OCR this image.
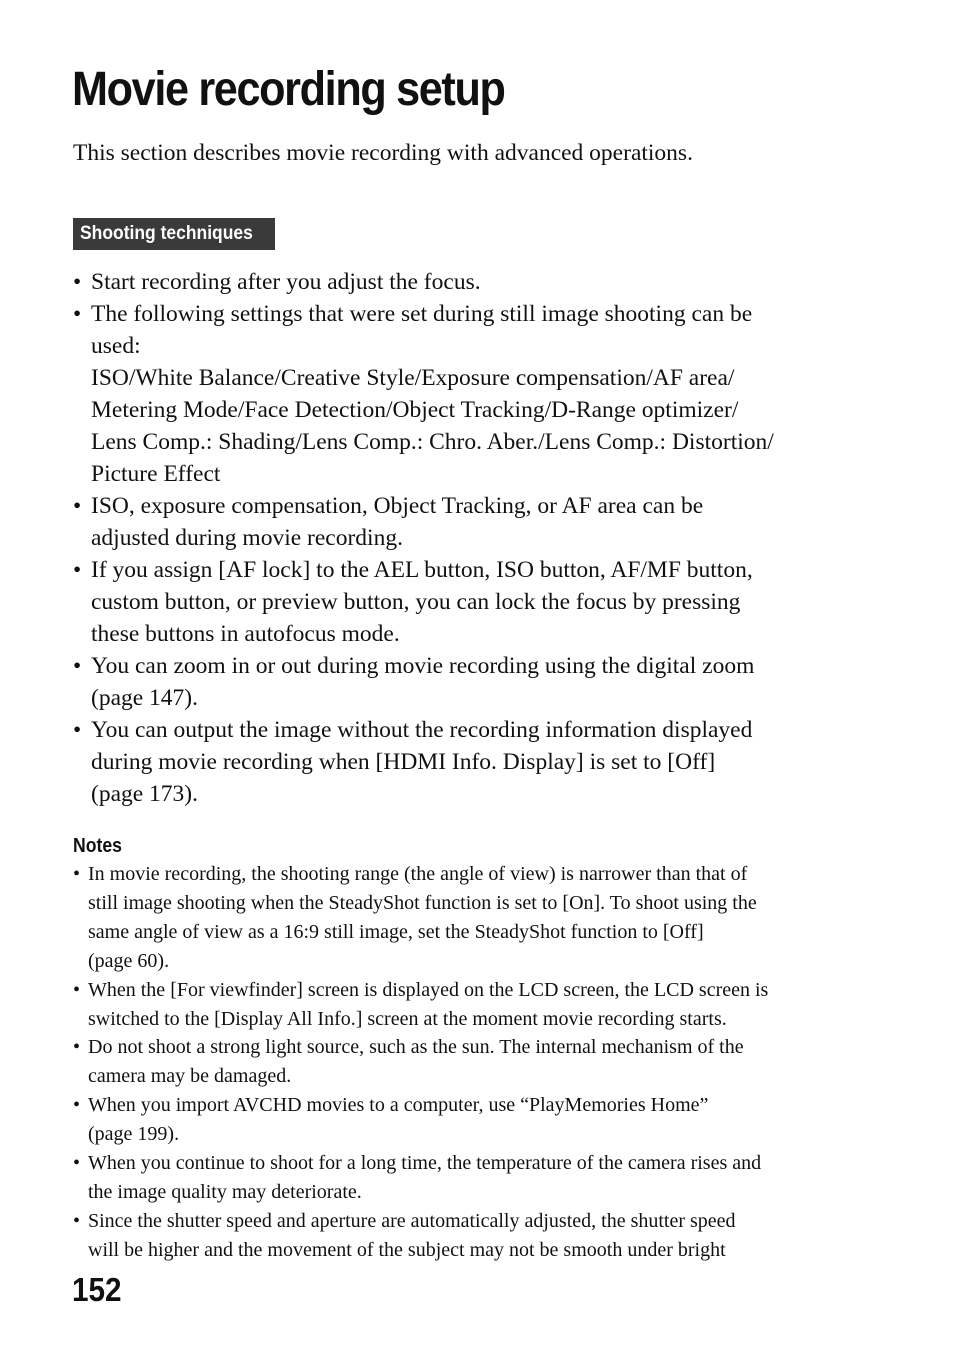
Movie recording setup

This section describes movie recording with advanced operations.

Shooting techniques
• Start recording after you adjust the focus.
• The following settings that were set during still image shooting can be
used:
ISO/White Balance/Creative Style/Exposure compensation/AF area/
Metering Mode/Face Detection/Object Tracking/D-Range optimizer/
Lens Comp.: Shading/Lens Comp.: Chro. Aber./Lens Comp.: Distortion/
Picture Effect
• ISO, exposure compensation, Object Tracking, or AF area can be
adjusted during movie recording.
• If you assign [AF lock] to the AEL button, ISO button, AF/MF button,
custom button, or preview button, you can lock the focus by pressing
these buttons in autofocus mode.
• You can zoom in or out during movie recording using the digital zoom
(page 147).
• You can output the image without the recording information displayed
during movie recording when [HDMI Info. Display] is set to [Off]
(page 173).
Notes
• In movie recording, the shooting range (the angle of view) is narrower than that of
still image shooting when the SteadyShot function is set to [On]. To shoot using the
same angle of view as a 16:9 still image, set the SteadyShot function to [Off]
(page 60).
• When the [For viewfinder] screen is displayed on the LCD screen, the LCD screen is
switched to the [Display All Info.] screen at the moment movie recording starts.
• Do not shoot a strong light source, such as the sun. The internal mechanism of the
camera may be damaged.
• When you import AVCHD movies to a computer, use “PlayMemories Home”
(page 199).
• When you continue to shoot for a long time, the temperature of the camera rises and
the image quality may deteriorate.
• Since the shutter speed and aperture are automatically adjusted, the shutter speed
will be higher and the movement of the subject may not be smooth under bright
152
